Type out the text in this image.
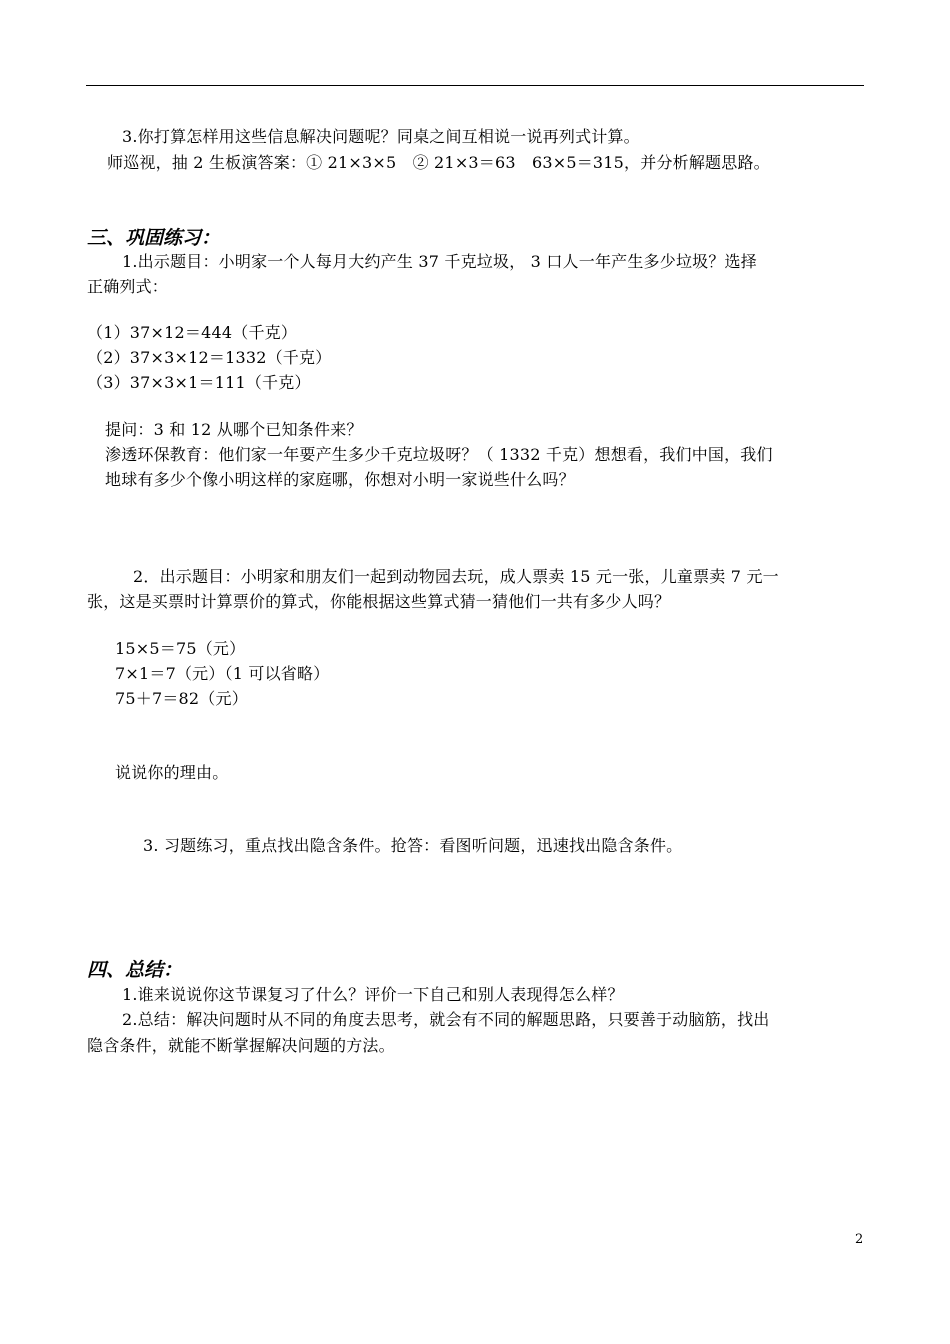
3.你打算怎样用这些信息解决问题呢？同桌之间互相说一说再列式计算。
师巡视，抽 2 生板演答案：① 21×3×5　② 21×3＝63　63×5＝315，并分析解题思路。
三、巩固练习：
1.出示题目：小明家一个人每月大约产生 37 千克垃圾， 3 口人一年产生多少垃圾？选择
正确列式：
（1）37×12＝444（千克）
（2）37×3×12＝1332（千克）
（3）37×3×1＝111（千克）
提问：3 和 12 从哪个已知条件来？
渗透环保教育：他们家一年要产生多少千克垃圾呀？（ 1332 千克）想想看，我们中国，我们
地球有多少个像小明这样的家庭哪，你想对小明一家说些什么吗？
2．出示题目：小明家和朋友们一起到动物园去玩，成人票卖 15 元一张，儿童票卖 7 元一
张，这是买票时计算票价的算式，你能根据这些算式猜一猜他们一共有多少人吗？
15×5＝75（元）
7×1＝7（元）（1 可以省略）
75＋7＝82（元）
说说你的理由。
3. 习题练习，重点找出隐含条件。抢答：看图听问题，迅速找出隐含条件。
四、总结：
1.谁来说说你这节课复习了什么？评价一下自己和别人表现得怎么样？
2.总结：解决问题时从不同的角度去思考，就会有不同的解题思路，只要善于动脑筋，找出
隐含条件，就能不断掌握解决问题的方法。
2
